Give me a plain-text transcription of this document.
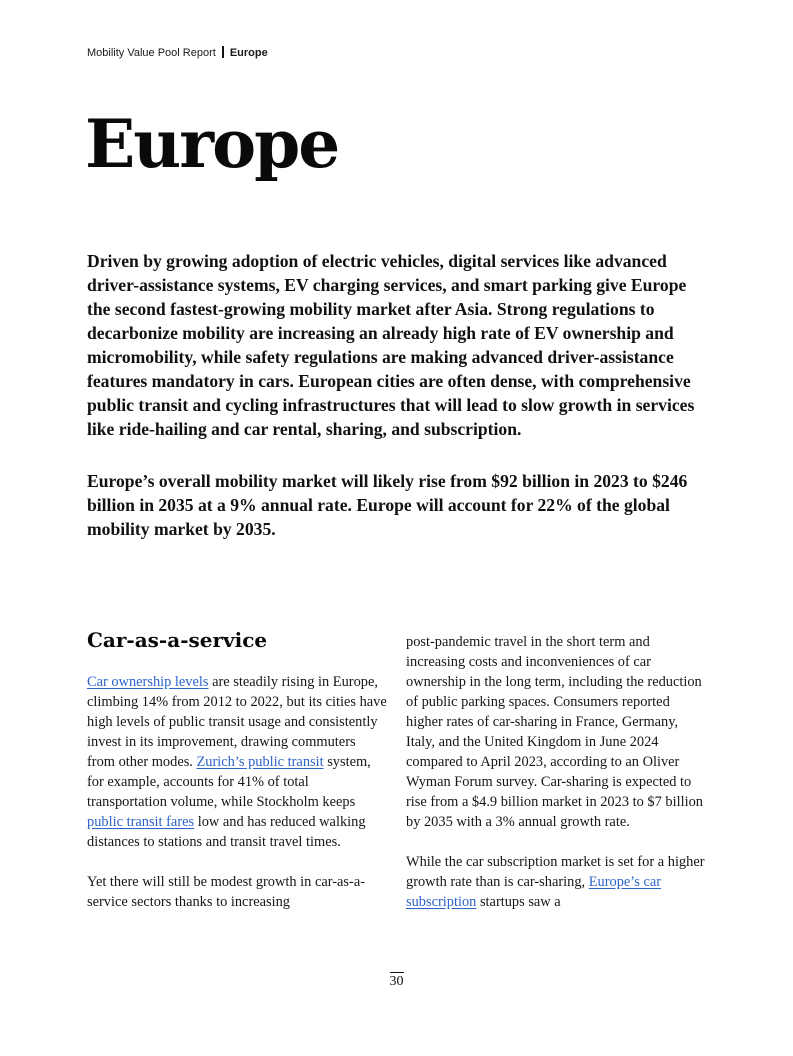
Mobility Value Pool Report Europe
Europe

Driven by growing adoption of electric vehicles, digital services like advanced driver-assistance systems, EV charging services, and smart parking give Europe the second fastest-growing mobility market after Asia. Strong regulations to decarbonize mobility are increasing an already high rate of EV ownership and micromobility, while safety regulations are making advanced driver-assistance features mandatory in cars. European cities are often dense, with comprehensive public transit and cycling infrastructures that will lead to slow growth in services like ride-hailing and car rental, sharing, and subscription.

Europe’s overall mobility market will likely rise from $92 billion in 2023 to $246 billion in 2035 at a 9% annual rate. Europe will account for 22% of the global mobility market by 2035.

Car-as-a-service

Car ownership levels are steadily rising in Europe, climbing 14% from 2012 to 2022, but its cities have high levels of public transit usage and consistently invest in its improvement, drawing commuters from other modes. Zurich’s public transit system, for example, accounts for 41% of total transportation volume, while Stockholm keeps public transit fares low and has reduced walking distances to stations and transit travel times.

Yet there will still be modest growth in car-as-a-service sectors thanks to increasing

post-pandemic travel in the short term and increasing costs and inconveniences of car ownership in the long term, including the reduction of public parking spaces. Consumers reported higher rates of car-sharing in France, Germany, Italy, and the United Kingdom in June 2024 compared to April 2023, according to an Oliver Wyman Forum survey. Car-sharing is expected to rise from a $4.9 billion market in 2023 to $7 billion by 2035 with a 3% annual growth rate.

While the car subscription market is set for a higher growth rate than is car-sharing, Europe’s car subscription startups saw a

30
